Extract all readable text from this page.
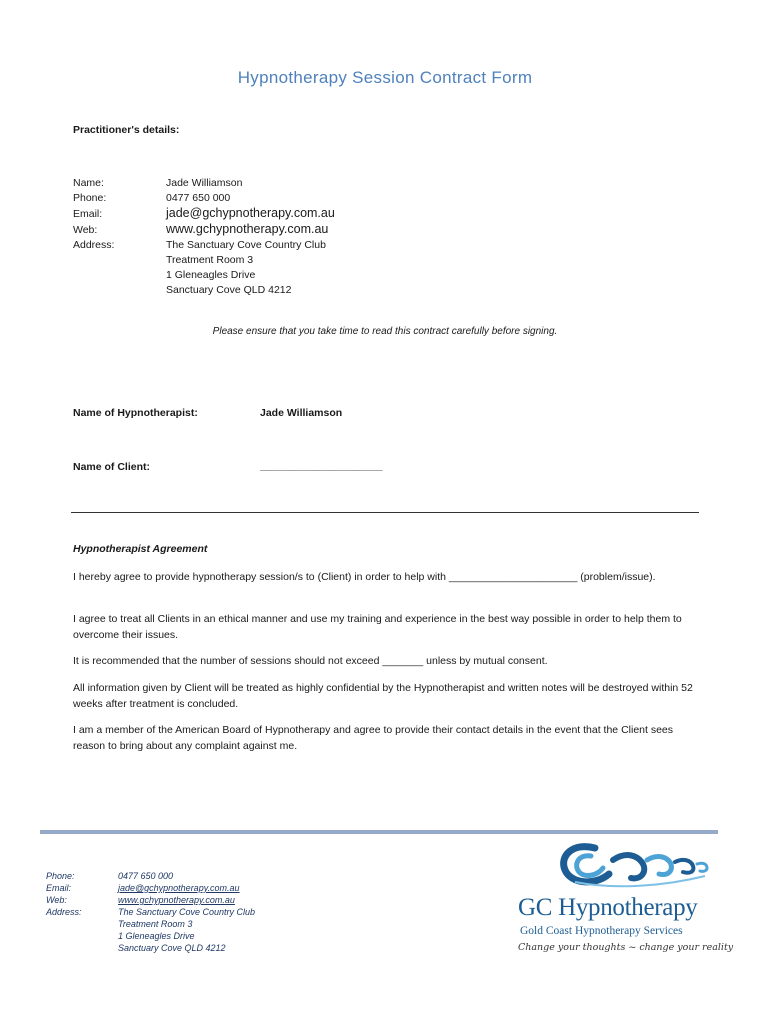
Hypnotherapy Session Contract Form
Practitioner's details:
Name:	Jade Williamson
Phone:	0477 650 000
Email:	jade@gchypnotherapy.com.au
Web:	www.gchypnotherapy.com.au
Address:	The Sanctuary Cove Country Club
Treatment Room 3
1 Gleneagles Drive
Sanctuary Cove QLD 4212
Please ensure that you take time to read this contract carefully before signing.
Name of Hypnotherapist:	Jade Williamson
Name of Client:	_____________________
Hypnotherapist Agreement
I hereby agree to provide hypnotherapy session/s to (Client) in order to help with ______________________ (problem/issue).
I agree to treat all Clients in an ethical manner and use my training and experience in the best way possible in order to help them to overcome their issues.
It is recommended that the number of sessions should not exceed _______ unless by mutual consent.
All information given by Client will be treated as highly confidential by the Hypnotherapist and written notes will be destroyed within 52 weeks after treatment is concluded.
I am a member of the American Board of Hypnotherapy and agree to provide their contact details in the event that the Client sees reason to bring about any complaint against me.
Phone:	0477 650 000
Email:	jade@gchypnotherapy.com.au
Web:	www.gchypnotherapy.com.au
Address:	The Sanctuary Cove Country Club
Treatment Room 3
1 Gleneagles Drive
Sanctuary Cove QLD 4212
GC Hypnotherapy
Gold Coast Hypnotherapy Services
Change your thoughts ~ change your reality
